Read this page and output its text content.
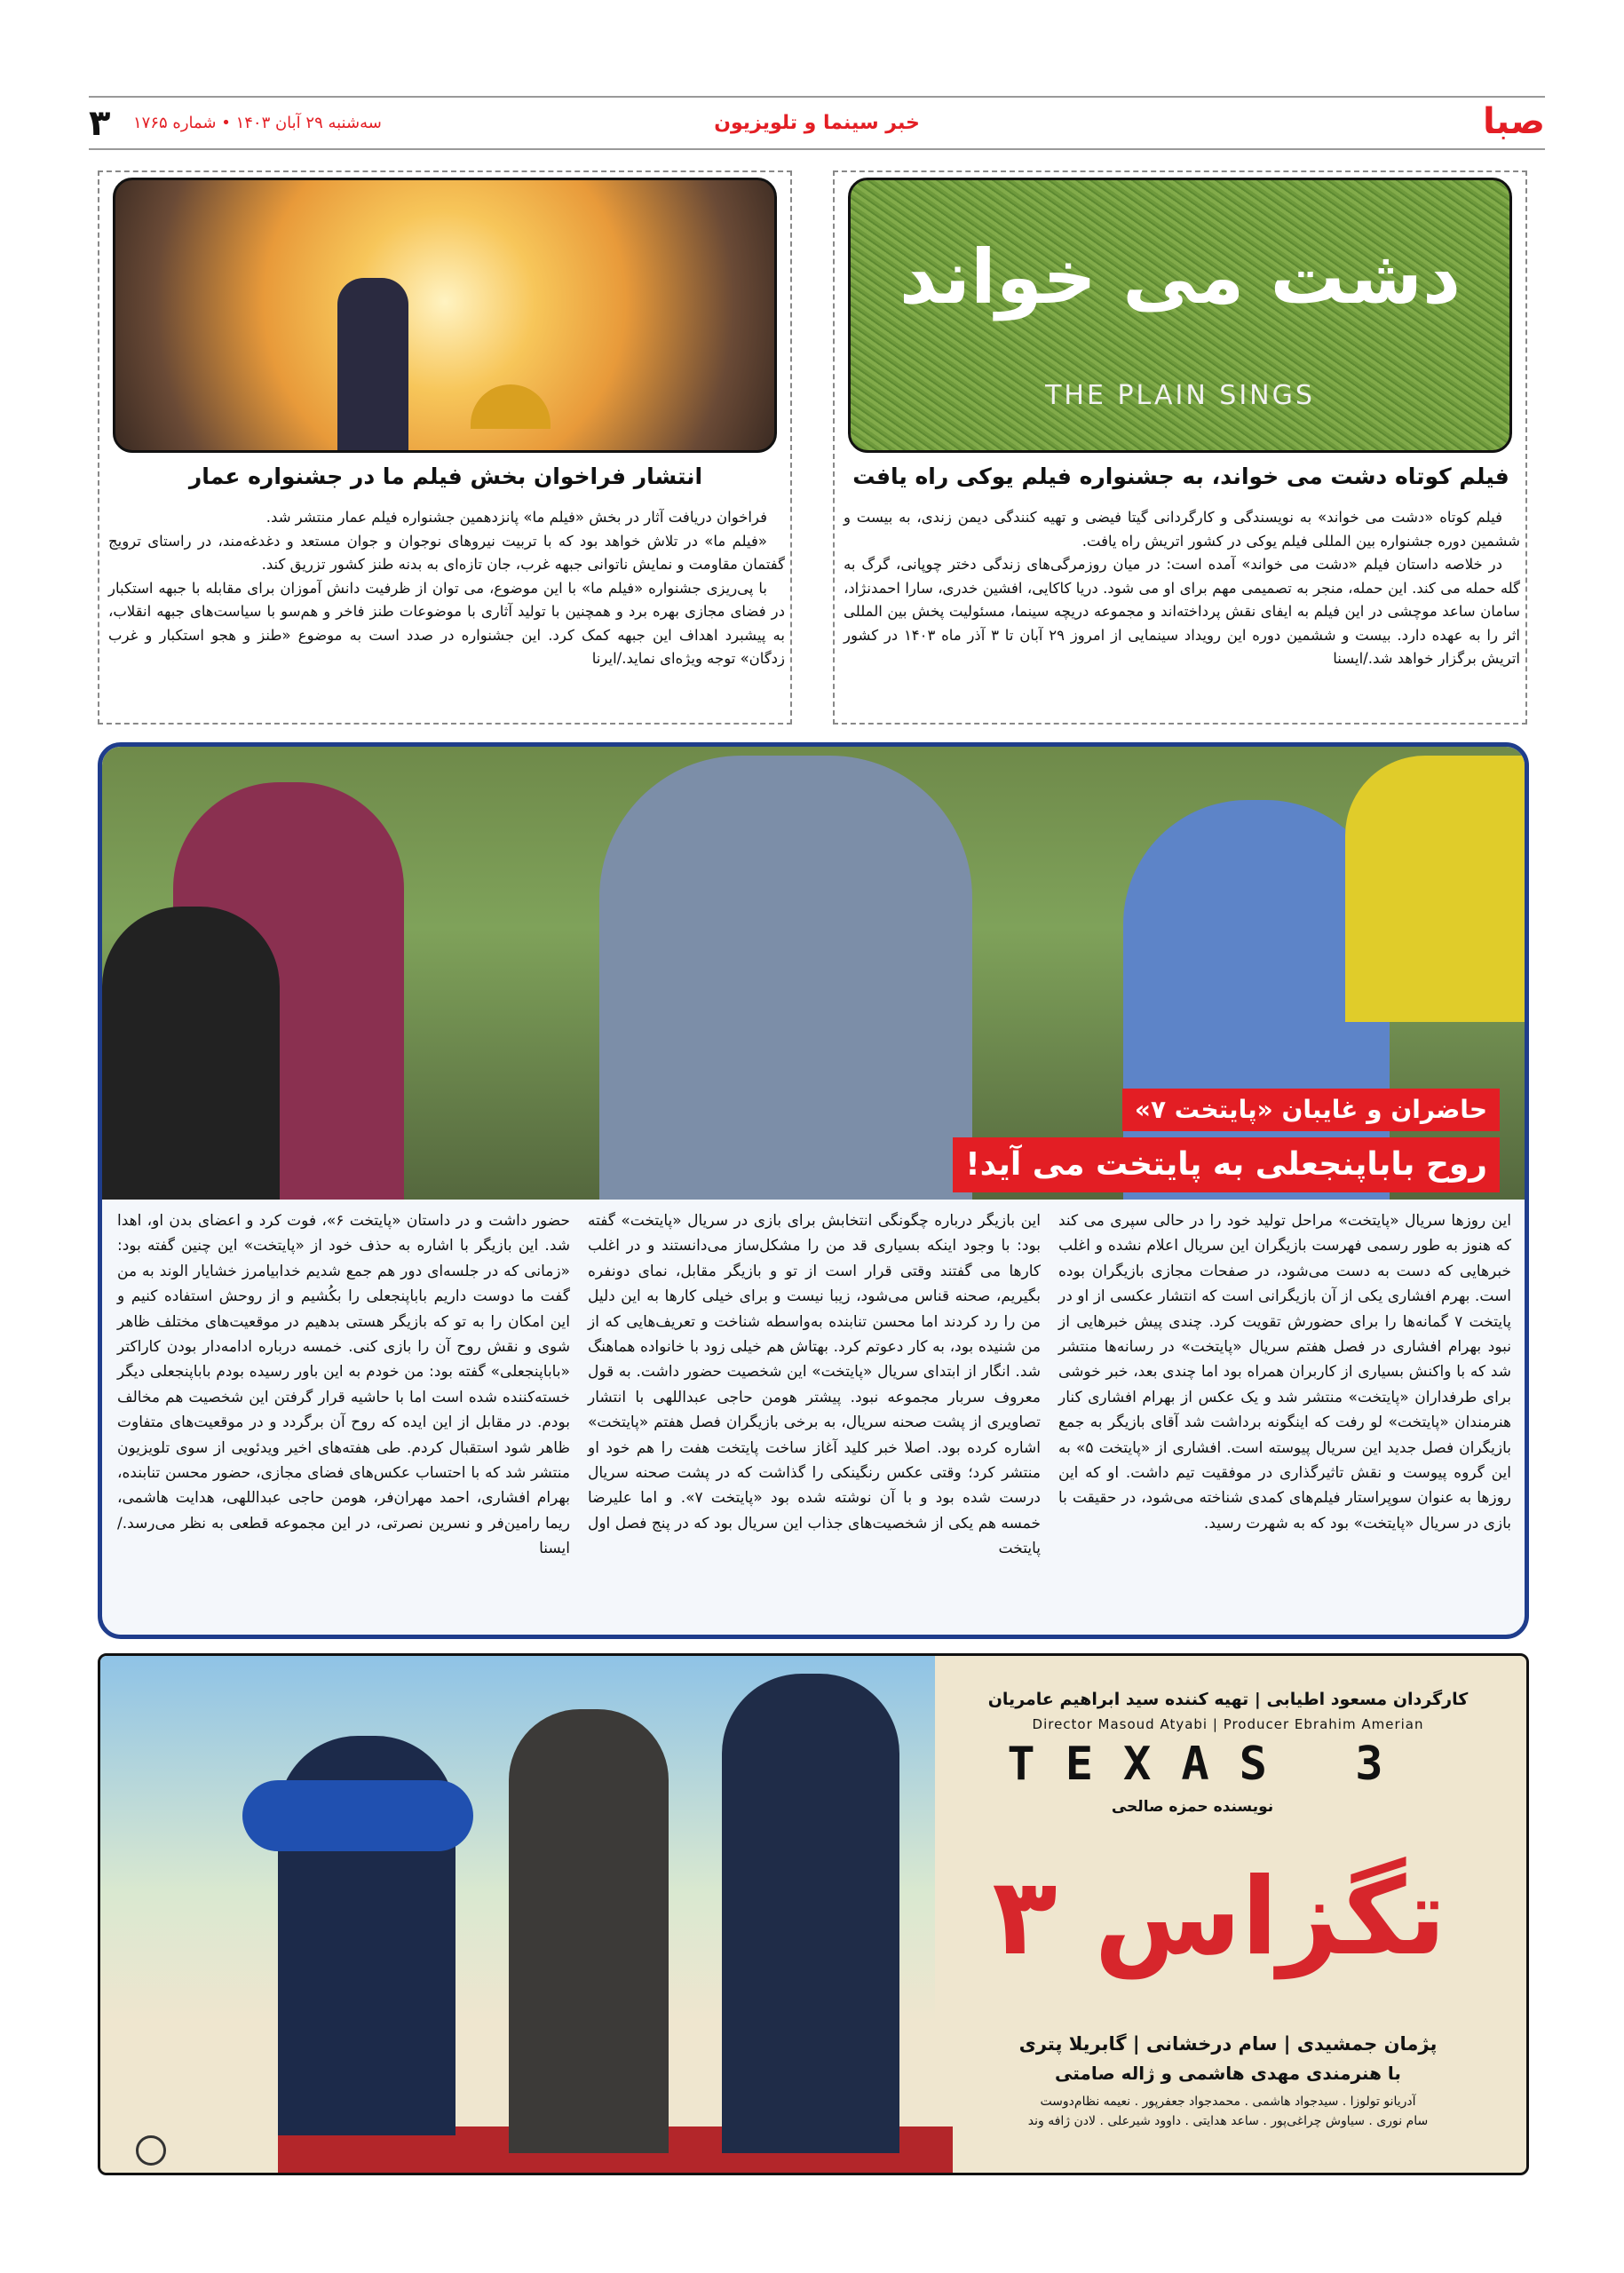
صبا
خبر سینما و تلویزیون
سه‌شنبه ۲۹ آبان ۱۴۰۳ • شماره ۱۷۶۵
۳
دشت می خواند
THE PLAIN SINGS
فیلم کوتاه دشت می خواند، به جشنواره فیلم یوکی راه یافت

فیلم کوتاه «دشت می خواند» به نویسندگی و کارگردانی گیتا فیضی و تهیه کنندگی دیمن زندی، به بیست و ششمین دوره جشنواره بین المللی فیلم یوکی در کشور اتریش راه یافت.

در خلاصه داستان فیلم «دشت می خواند» آمده است: در میان روزمرگی‌های زندگی دختر چوپانی، گرگ به گله حمله می کند. این حمله، منجر به تصمیمی مهم برای او می شود. دریا کاکایی، افشین خدری، سارا احمدنژاد، سامان ساعد موچشی در این فیلم به ایفای نقش پرداخته‌اند و مجموعه دریچه سینما، مسئولیت پخش بین المللی اثر را به عهده دارد. بیست و ششمین دوره این رویداد سینمایی از امروز ۲۹ آبان تا ۳ آذر ماه ۱۴۰۳ در کشور اتریش برگزار خواهد شد./ایسنا

انتشار فراخوان بخش فیلم ما در جشنواره عمار

فراخوان دریافت آثار در بخش «فیلم ما» پانزدهمین جشنواره فیلم عمار منتشر شد.

«فیلم ما» در تلاش خواهد بود که با تربیت نیروهای نوجوان و جوان مستعد و دغدغه‌مند، در راستای ترویج گفتمان مقاومت و نمایش ناتوانی جبهه غرب، جان تازه‌ای به بدنه طنز کشور تزریق کند.

با پی‌ریزی جشنواره «فیلم ما» با این موضوع، می توان از ظرفیت دانش آموزان برای مقابله با جبهه استکبار در فضای مجازی بهره برد و همچنین با تولید آثاری با موضوعات طنز فاخر و هم‌سو با سیاست‌های جبهه انقلاب، به پیشبرد اهداف این جبهه کمک کرد. این جشنواره در صدد است به موضوع «طنز و هجو استکبار و غرب زدگان» توجه ویژه‌ای نماید./ایرنا

حاضران و غایبان «پایتخت ۷»
روح باباپنجعلی به پایتخت می آید!
این روزها سریال «پایتخت» مراحل تولید خود را در حالی سپری می کند که هنوز به طور رسمی فهرست بازیگران این سریال اعلام نشده و اغلب خبرهایی که دست به دست می‌شود، در صفحات مجازی بازیگران بوده است. بهرم افشاری یکی از آن بازیگرانی است که انتشار عکسی از او در پایتخت ۷ گمانه‌ها را برای حضورش تقویت کرد. چندی پیش خبرهایی از نبود بهرام افشاری در فصل هفتم سریال «پایتخت» در رسانه‌ها منتشر شد که با واکنش بسیاری از کاربران همراه بود اما چندی بعد، خبر خوشی برای طرفداران «پایتخت» منتشر شد و یک عکس از بهرام افشاری کنار هنرمندان «پایتخت» لو رفت که اینگونه برداشت شد آقای بازیگر به جمع بازیگران فصل جدید این سریال پیوسته است. افشاری از «پایتخت ۵» به این گروه پیوست و نقش تاثیرگذاری در موفقیت تیم داشت. او که این روزها به عنوان سوپراستار فیلم‌های کمدی شناخته می‌شود، در حقیقت با بازی در سریال «پایتخت» بود که به شهرت رسید.
این بازیگر درباره چگونگی انتخابش برای بازی در سریال «پایتخت» گفته بود: با وجود اینکه بسیاری قد من را مشکل‌ساز می‌دانستند و در اغلب کارها می گفتند وقتی قرار است از تو و بازیگر مقابل، نمای دونفره بگیریم، صحنه قناس می‌شود، زیبا نیست و برای خیلی کارها به این دلیل من را رد کردند اما محسن تنابنده به‌واسطه شناخت و تعریف‌هایی که از من شنیده بود، به کار دعوتم کرد. بهتاش هم خیلی زود با خانواده هماهنگ شد. انگار از ابتدای سریال «پایتخت» این شخصیت حضور داشت. به قول معروف سربار مجموعه نبود. پیشتر هومن حاجی عبداللهی با انتشار تصاویری از پشت صحنه سریال، به برخی بازیگران فصل هفتم «پایتخت» اشاره کرده بود. اصلا خبر کلید آغاز ساخت پایتخت هفت را هم خود او منتشر کرد؛ وقتی عکس رنگینکی را گذاشت که در پشت صحنه سریال درست شده بود و با آن نوشته شده بود «پایتخت ۷». و اما علیرضا خمسه هم یکی از شخصیت‌های جذاب این سریال بود که در پنج فصل اول پایتخت
حضور داشت و در داستان «پایتخت ۶»، فوت کرد و اعضای بدن او، اهدا شد. این بازیگر با اشاره به حذف خود از «پایتخت» این چنین گفته بود: «زمانی که در جلسه‌ای دور هم جمع شدیم خدابیامرز خشایار الوند به من گفت ما دوست داریم باباپنجعلی را بکُشیم و از روحش استفاده کنیم و این امکان را به تو که بازیگر هستی بدهیم در موقعیت‌های مختلف ظاهر شوی و نقش روح آن را بازی کنی. خمسه درباره ادامه‌دار بودن کاراکتر «باباپنجعلی» گفته بود: من خودم به این باور رسیده بودم باباپنجعلی دیگر خسته‌کننده شده است اما با حاشیه قرار گرفتن این شخصیت هم مخالف بودم. در مقابل از این ایده که روح آن برگردد و در موقعیت‌های متفاوت ظاهر شود استقبال کردم. طی هفته‌های اخیر ویدئویی از سوی تلویزیون منتشر شد که با احتساب عکس‌های فضای مجازی، حضور محسن تنابنده، بهرام افشاری، احمد مهران‌فر، هومن حاجی عبداللهی، هدایت هاشمی، ریما رامین‌فر و نسرین نصرتی، در این مجموعه قطعی به نظر می‌رسد./ایسنا
کارگردان مسعود اطیابی | تهیه کننده سید ابراهیم عامریان
Director Masoud Atyabi | Producer Ebrahim Amerian
TEXAS 3
نویسنده حمزه صالحی
تگزاس ۳
پژمان جمشیدی | سام درخشانی | گابریلا پتری
با هنرمندی مهدی هاشمی و ژاله صامتی
آدریانو تولوزا . سیدجواد هاشمی . محمدجواد جعفرپور . نعیمه نظام‌دوست
سام نوری . سیاوش چراغی‌پور . ساعد هدایتی . داوود شیرعلی . لادن ژافه وند
